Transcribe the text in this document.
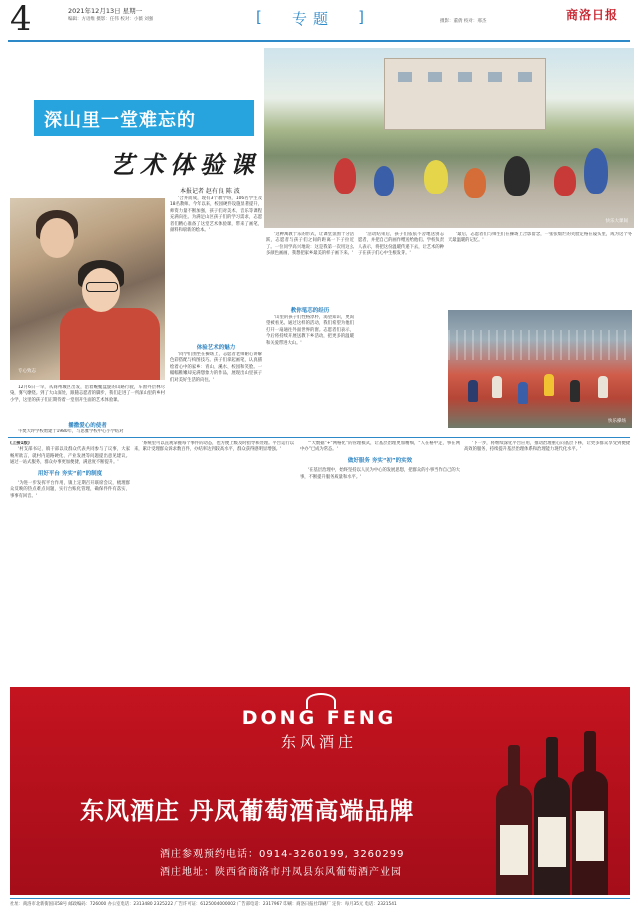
4	2021年12月13日 星期一
编辑：方语维 摄影：任伟 校对：小薇 刘强
[	专题 ]	摄影：董倩 校对：邢杰	商洛日报
快乐大课间
深山里一堂难忘的
艺术体验课
本报记者 赵有良 陈 波
专心致志

12月6日一早，从商州城区出发，沿着蜿蜒盘旋的山路行驶，车窗外层林尽染，雾气缭绕。到了大山深处，跟随志愿者的脚步，我们走进了一所深山里的乡村小学，这里的孩子们正期待着一堂别开生面的艺术体验课。

播撒爱心的使者

牛樊大坪学校始建于1980年，与思雅学校中心小学结对

'合并而成，现有3个教学班，106名学生及18名教师。今年以来，校园硬件设施显著提升，师资力量不断加强，孩子们对美术、音乐等课程充满向往。为满足山区孩子们的学习需求，志愿者们精心准备了这堂艺术体验课，带来了画笔、颜料和崭新的绘本。'

体验艺术的魅力

'同学们围坐在操场上，志愿者老师耐心讲解色彩搭配与构图技巧。孩子们拿起画笔，认真描绘着心中的家乡：青山、溪水、校园和笑脸。一幅幅稚嫩却充满想象力的作品，展现出山里孩子们对美好生活的向往。'

'这种寓教于乐的形式，让课堂氛围十分活跃，志愿者与孩子们之间的距离一下子拉近了。一位同学高兴地说：这是我第一次用这么多颜色画画，我想把家乡最美的样子画下来。'

教你笔芯的经历

'山里的孩子们性格淳朴，渴望知识，更渴望被看见。通过这样的活动，我们希望为他们打开一扇通往外面世界的窗。志愿者们表示，今后将持续开展送教下乡活动，把更多的温暖和关爱带进大山。'

'活动结束后，孩子们依依不舍地送别志愿者，并把自己的画作赠送给他们。学校负责人表示，将把这份温暖传递下去，让艺术的种子在孩子们心中生根发芽。'

'最后，志愿者们与师生们在操场上合影留念，一张张灿烂的笑脸定格在镜头里，成为这个冬天最温暖的记忆。'

快乐操场

(上接1版)

'村支部书记、镇干部以及群众代表共同参与了议事，大家畅所欲言，就村内道路硬化、产业发展等问题提出意见建议。通过一站式服务，群众办事更加便捷，满意度不断提升。'

用好平台 夯实“前”的制度

'为进一步发挥平台作用，镇上定期召开联席会议，梳理群众反映的热点难点问题，实行台账化管理，确保件件有落实、事事有回音。'

'系统里可以直观掌握每个事件的动态，也方便上级及时指导和处理。平台运行以来，累计受理群众诉求数百件，办结率达到较高水平，群众获得感明显增强。'

'“大数据”+“网格化”的管理模式，让基层治理更加精细，“人在格中走，事在网中办”已成为常态。'

做好服务 夯实“初”的实效

'在基层治理中，始终坚持以人民为中心的发展思想，把群众的小事当作自己的大事，不断提升服务质量和水平。'

'下一步，将继续深化平台应用，推动治理重心向基层下移，让更多群众享受到便捷高效的服务，持续提升基层治理体系和治理能力现代化水平。'

DONG FENG
东风酒庄
东风酒庄 丹凤葡萄酒高端品牌
酒庄参观预约电话：0914-3260199, 3260299
酒庄地址：陕西省商洛市丹凤县东风葡萄酒产业园
社址：商洛市北新街国田58号 邮政编码：726000 办公室电话：2313480 2325222 广告许可证：6125004000002 广告部电话：2317967 印刷：商洛日报社印刷厂 定价：每月35元 电话：2321541
